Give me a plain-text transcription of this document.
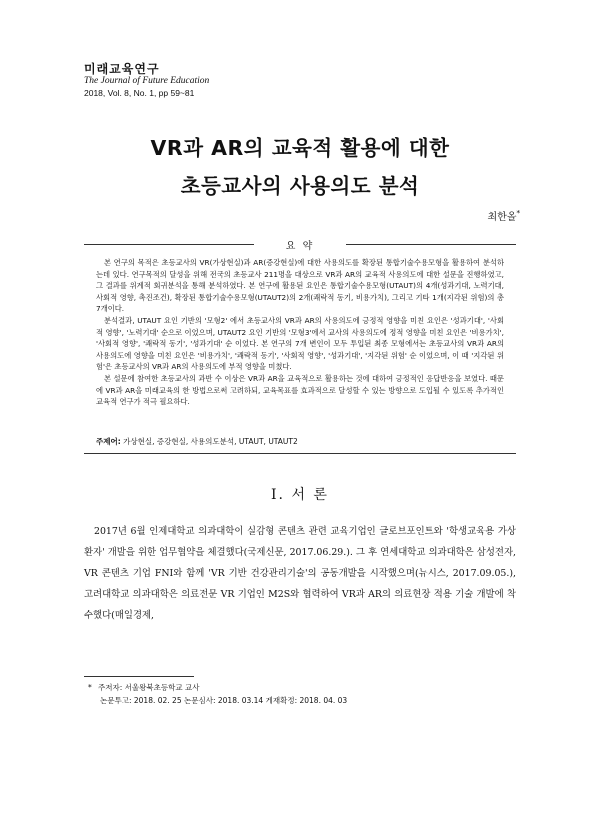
미래교육연구
The Journal of Future Education
2018, Vol. 8, No. 1, pp 59~81
VR과 AR의 교육적 활용에 대한
초등교사의 사용의도 분석
최한올*
요 약

본 연구의 목적은 초등교사의 VR(가상현실)과 AR(증강현실)에 대한 사용의도를 확장된 통합기술수용모형을 활용하여 분석하는데 있다. 연구목적의 달성을 위해 전국의 초등교사 211명을 대상으로 VR과 AR의 교육적 사용의도에 대한 설문을 진행하였고, 그 결과를 위계적 회귀분석을 통해 분석하였다. 본 연구에 활용된 요인은 통합기술수용모형(UTAUT)의 4개(성과기대, 노력기대, 사회적 영향, 촉진조건), 확장된 통합기술수용모형(UTAUT2)의 2개(쾌락적 동기, 비용가치), 그리고 기타 1개(지각된 위험)의 총 7개이다.

분석결과, UTAUT 요인 기반의 '모형2' 에서 초등교사의 VR과 AR의 사용의도에 긍정적 영향을 미친 요인은 '성과기대', '사회적 영향', '노력기대' 순으로 이었으며, UTAUT2 요인 기반의 '모형3'에서 교사의 사용의도에 정적 영향을 미친 요인은 '비용가치', '사회적 영향', '쾌락적 동기', '성과기대' 순 이었다. 본 연구의 7개 변인이 모두 투입된 최종 모형에서는 초등교사의 VR과 AR의 사용의도에 영향을 미친 요인은 '비용가치', '쾌락적 동기', '사회적 영향', '성과기대', '지각된 위험' 순 이었으며, 이 때 '지각된 위험'은 초등교사의 VR과 AR의 사용의도에 부적 영향을 미쳤다.

본 설문에 참여한 초등교사의 과반 수 이상은 VR과 AR을 교육적으로 활용하는 것에 대하여 긍정적인 응답반응을 보였다. 때문에 VR과 AR을 미래교육의 한 방법으로써 고려하되, 교육목표를 효과적으로 달성할 수 있는 방향으로 도입될 수 있도록 추가적인 교육적 연구가 적극 필요하다.

주제어: 가상현실, 증강현실, 사용의도분석, UTAUT, UTAUT2
Ⅰ. 서 론

2017년 6월 인제대학교 의과대학이 실감형 콘텐츠 관련 교육기업인 글로브포인트와 '학생교육용 가상환자' 개발을 위한 업무협약을 체결했다(국제신문, 2017.06.29.). 그 후 연세대학교 의과대학은 삼성전자, VR 콘텐츠 기업 FNI와 함께 'VR 기반 건강관리기술'의 공동개발을 시작했으며(뉴시스, 2017.09.05.), 고려대학교 의과대학은 의료전문 VR 기업인 M2S와 협력하여 VR과 AR의 의료현장 적용 기술 개발에 착수했다(매일경제,

* 주저자: 서울왕북초등학교 교사
논문투고: 2018. 02. 25 논문심사: 2018. 03.14 게재확정: 2018. 04. 03
